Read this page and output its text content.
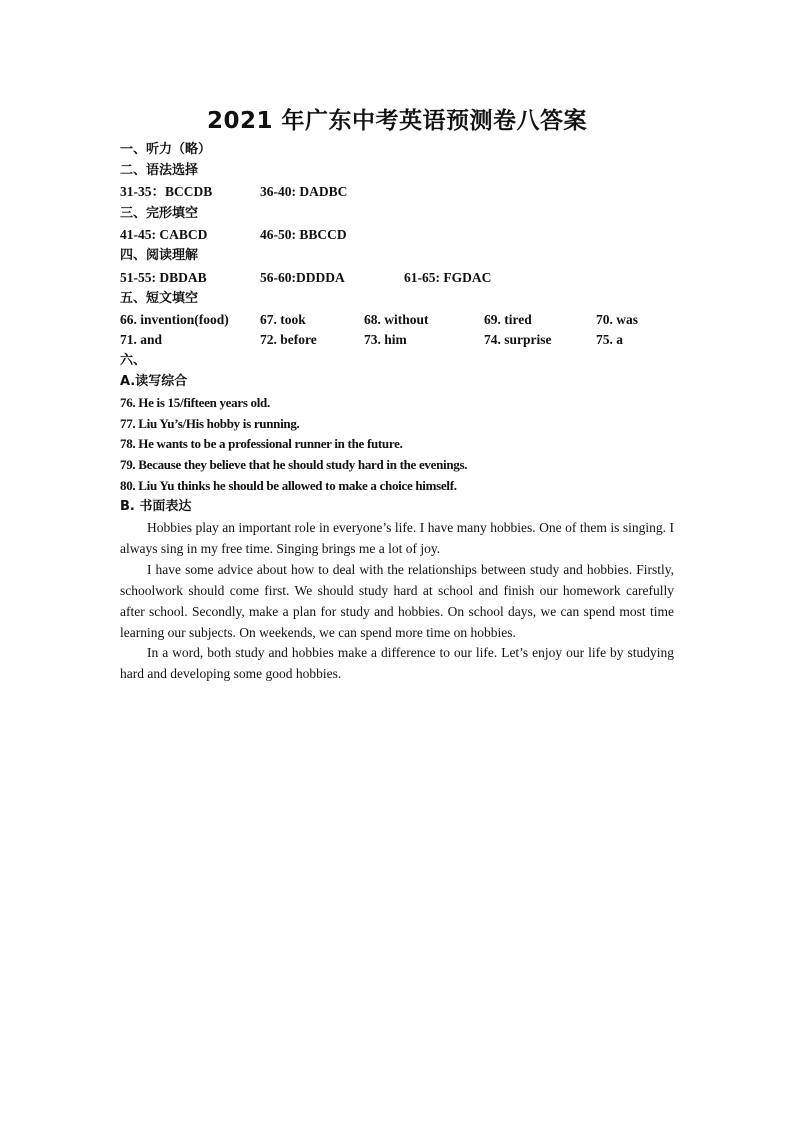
2021 年广东中考英语预测卷八答案
一、听力（略）
二、语法选择
31-35：BCCDB	36-40: DADBC
三、完形填空
41-45: CABCD	46-50: BBCCD
四、阅读理解
51-55: DBDAB	56-60:DDDDA	61-65: FGDAC
五、短文填空
66. invention(food) 67. took	68. without	69. tired	70. was
71. and	72. before	73. him	74. surprise	75. a
六、
A.读写综合
76. He is 15/fifteen years old.
77. Liu Yu’s/His hobby is running.
78. He wants to be a professional runner in the future.
79. Because they believe that he should study hard in the evenings.
80. Liu Yu thinks he should be allowed to make a choice himself.
B. 书面表达

Hobbies play an important role in everyone’s life. I have many hobbies. One of them is singing. I always sing in my free time. Singing brings me a lot of joy.

I have some advice about how to deal with the relationships between study and hobbies. Firstly, schoolwork should come first. We should study hard at school and finish our homework carefully after school. Secondly, make a plan for study and hobbies. On school days, we can spend most time learning our subjects. On weekends, we can spend more time on hobbies.

In a word, both study and hobbies make a difference to our life. Let’s enjoy our life by studying hard and developing some good hobbies.
